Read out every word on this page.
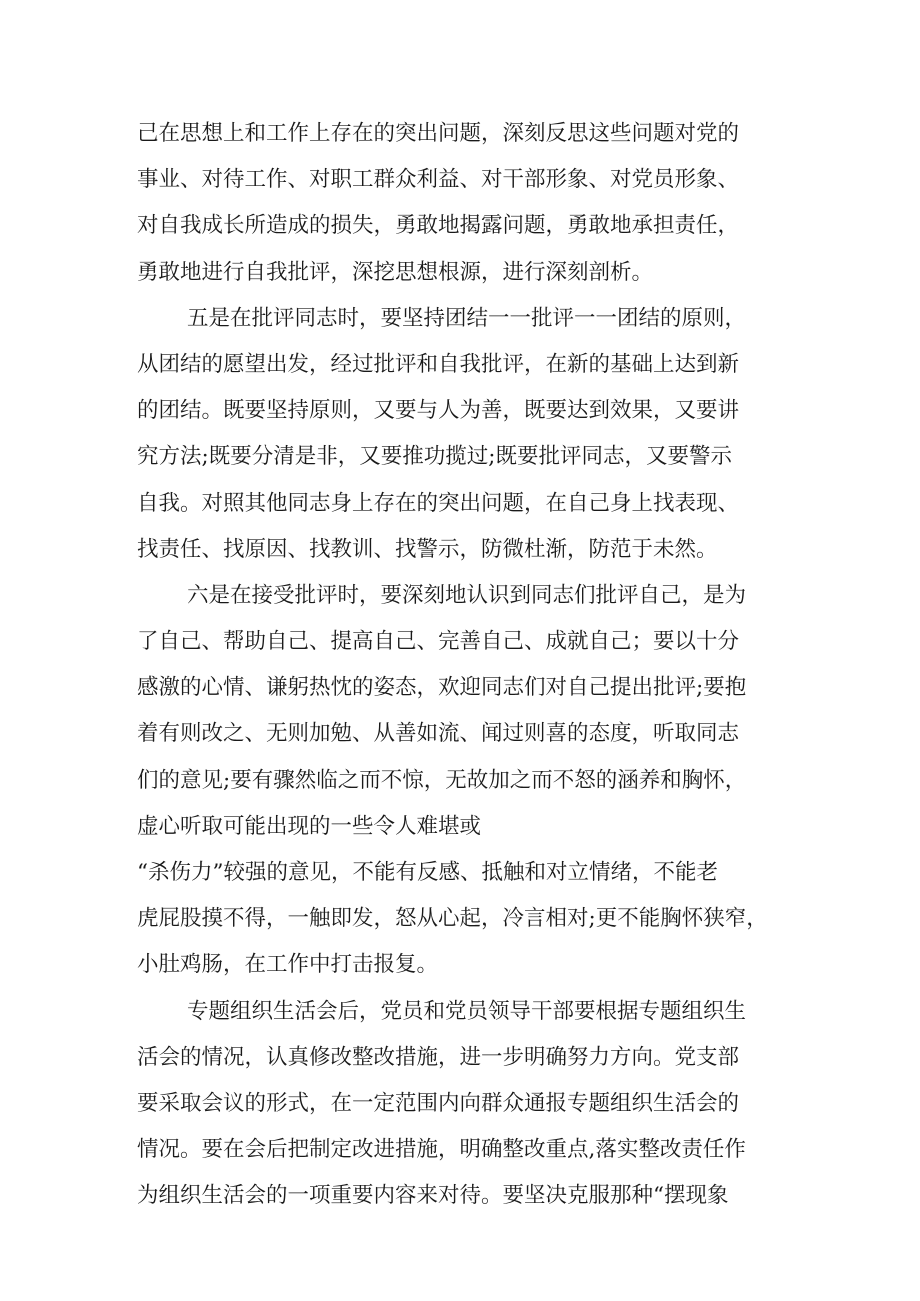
己在思想上和工作上存在的突出问题，深刻反思这些问题对党的
事业、对待工作、对职工群众利益、对干部形象、对党员形象、
对自我成长所造成的损失，勇敢地揭露问题，勇敢地承担责任，
勇敢地进行自我批评，深挖思想根源，进行深刻剖析。
五是在批评同志时，要坚持团结一一批评一一团结的原则，
从团结的愿望出发，经过批评和自我批评，在新的基础上达到新
的团结。既要坚持原则，又要与人为善，既要达到效果，又要讲
究方法;既要分清是非，又要推功揽过;既要批评同志，又要警示
自我。对照其他同志身上存在的突出问题，在自己身上找表现、
找责任、找原因、找教训、找警示，防微杜渐，防范于未然。
六是在接受批评时，要深刻地认识到同志们批评自己，是为
了自己、帮助自己、提高自己、完善自己、成就自己；要以十分
感激的心情、谦躬热忱的姿态，欢迎同志们对自己提出批评;要抱
着有则改之、无则加勉、从善如流、闻过则喜的态度，听取同志
们的意见;要有骤然临之而不惊，无故加之而不怒的涵养和胸怀，
虚心听取可能出现的一些令人难堪或
“杀伤力”较强的意见，不能有反感、抵触和对立情绪，不能老
虎屁股摸不得，一触即发，怒从心起，冷言相对;更不能胸怀狭窄，
小肚鸡肠，在工作中打击报复。
专题组织生活会后，党员和党员领导干部要根据专题组织生
活会的情况，认真修改整改措施，进一步明确努力方向。党支部
要采取会议的形式，在一定范围内向群众通报专题组织生活会的
情况。要在会后把制定改进措施，明确整改重点,落实整改责任作
为组织生活会的一项重要内容来对待。要坚决克服那种“摆现象
